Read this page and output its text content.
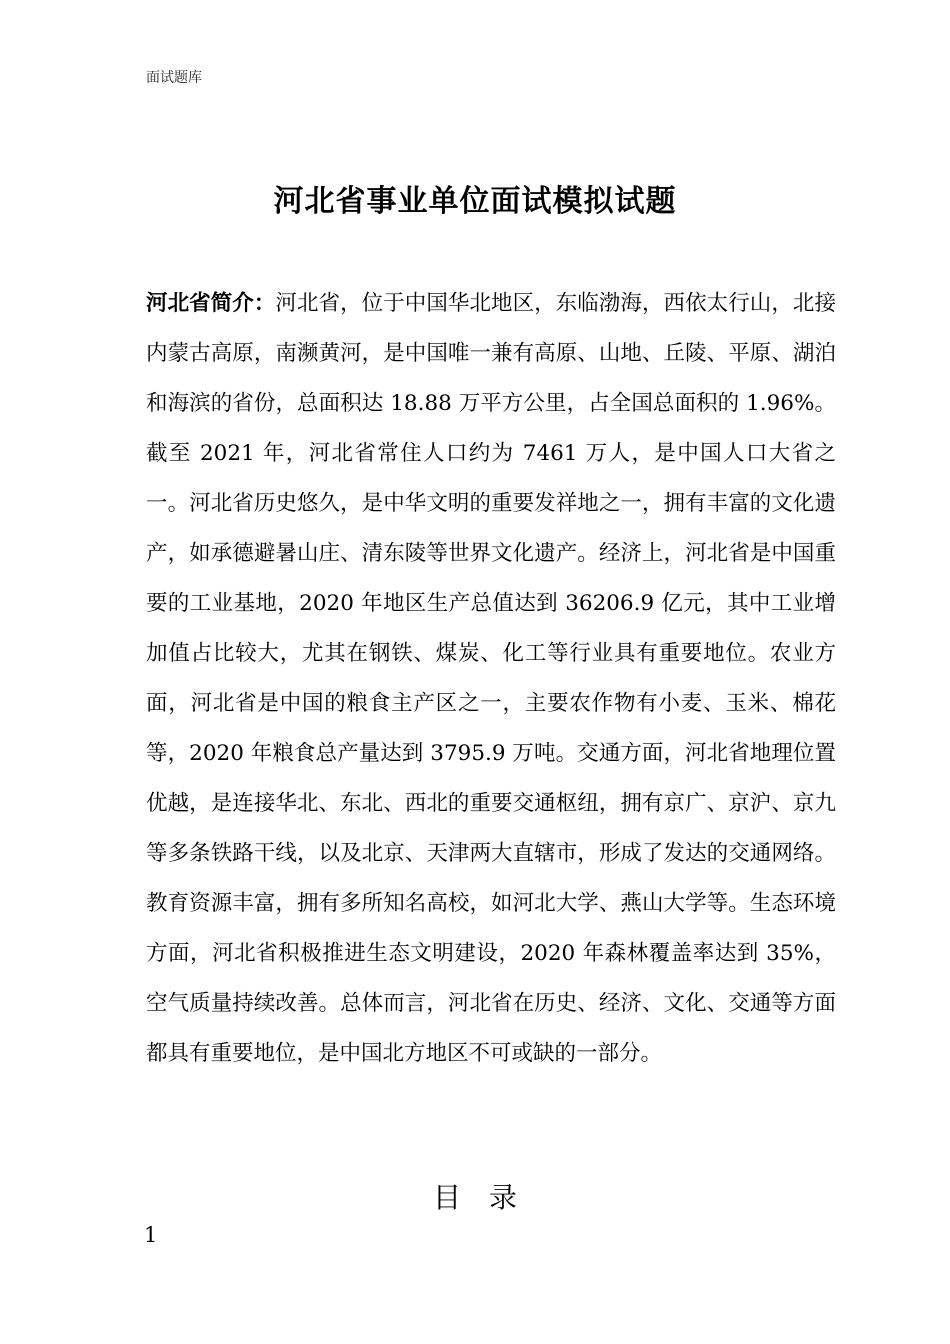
面试题库
河北省事业单位面试模拟试题

河北省简介：河北省，位于中国华北地区，东临渤海，西依太行山，北接内蒙古高原，南濒黄河，是中国唯一兼有高原、山地、丘陵、平原、湖泊和海滨的省份，总面积达 18.88 万平方公里，占全国总面积的 1.96%。截至 2021 年，河北省常住人口约为 7461 万人，是中国人口大省之一。河北省历史悠久，是中华文明的重要发祥地之一，拥有丰富的文化遗产，如承德避暑山庄、清东陵等世界文化遗产。经济上，河北省是中国重要的工业基地，2020 年地区生产总值达到 36206.9 亿元，其中工业增加值占比较大，尤其在钢铁、煤炭、化工等行业具有重要地位。农业方面，河北省是中国的粮食主产区之一，主要农作物有小麦、玉米、棉花等，2020 年粮食总产量达到 3795.9 万吨。交通方面，河北省地理位置优越，是连接华北、东北、西北的重要交通枢纽，拥有京广、京沪、京九等多条铁路干线，以及北京、天津两大直辖市，形成了发达的交通网络。教育资源丰富，拥有多所知名高校，如河北大学、燕山大学等。生态环境方面，河北省积极推进生态文明建设，2020 年森林覆盖率达到 35%，空气质量持续改善。总体而言，河北省在历史、经济、文化、交通等方面都具有重要地位，是中国北方地区不可或缺的一部分。

目录
1
